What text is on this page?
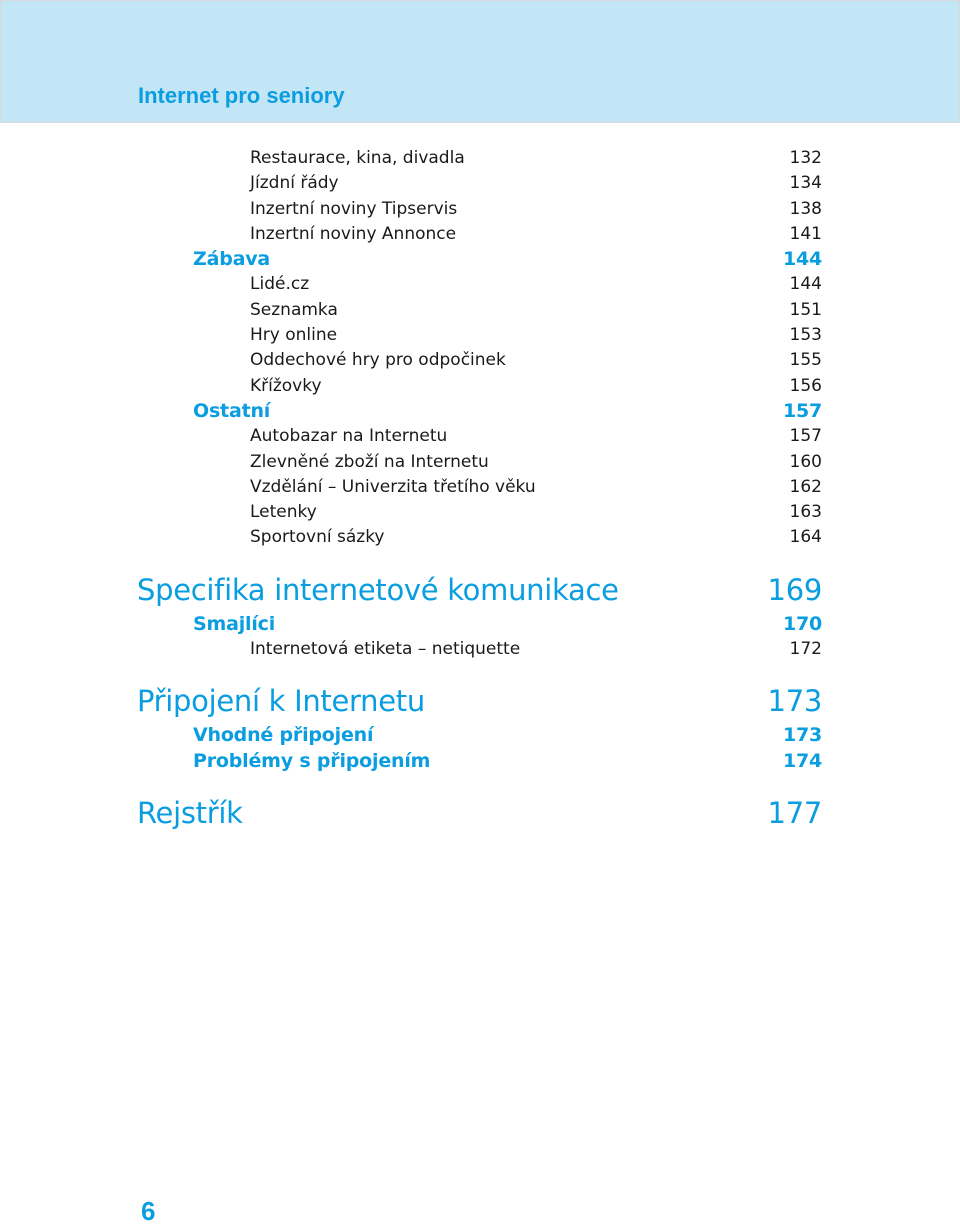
Internet pro seniory
Restaurace, kina, divadla	132
Jízdní řády	134
Inzertní noviny Tipservis	138
Inzertní noviny Annonce	141
Zábava	144
Lidé.cz	144
Seznamka	151
Hry online	153
Oddechové hry pro odpočinek	155
Křížovky	156
Ostatní	157
Autobazar na Internetu	157
Zlevněné zboží na Internetu	160
Vzdělání – Univerzita třetího věku	162
Letenky	163
Sportovní sázky	164
Specifika internetové komunikace	169
Smajlíci	170
Internetová etiketa – netiquette	172
Připojení k Internetu	173
Vhodné připojení	173
Problémy s připojením	174
Rejstřík	177
6
